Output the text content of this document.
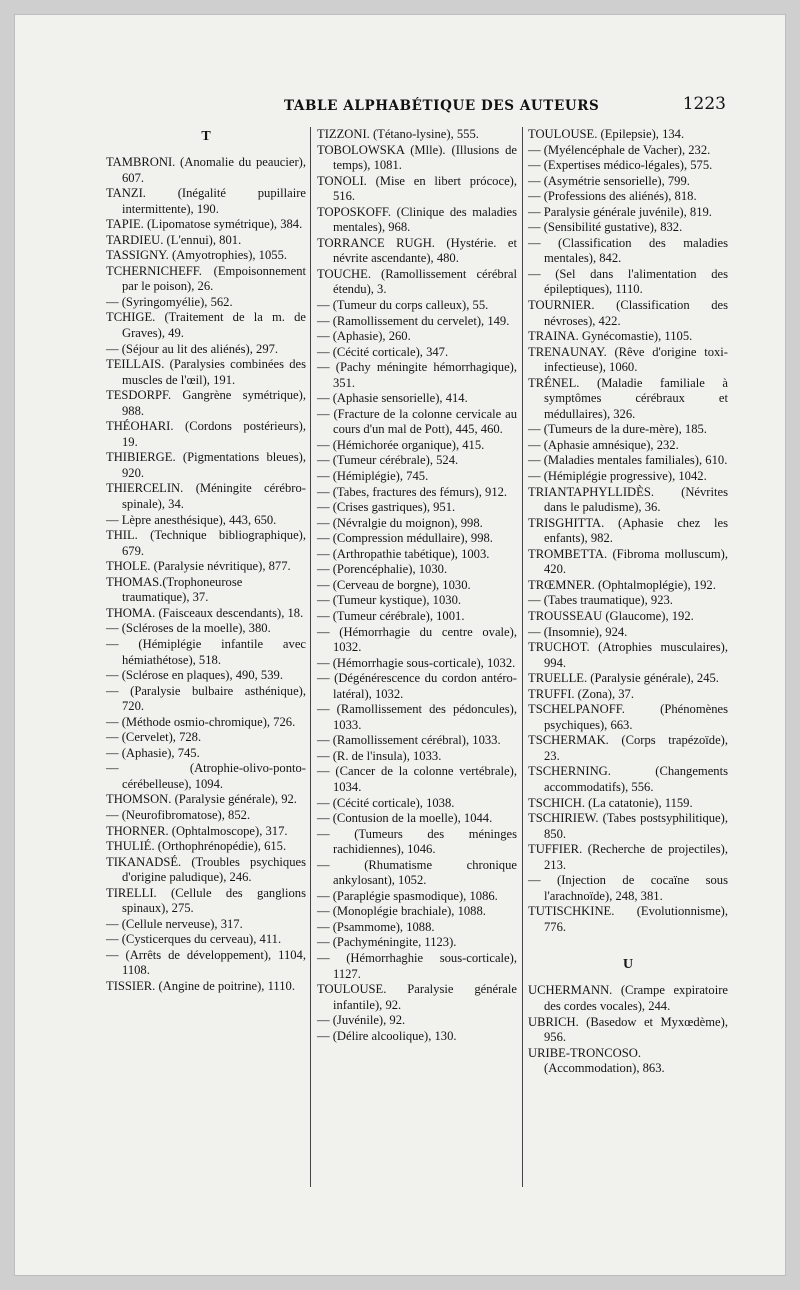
TABLE ALPHABÉTIQUE DES AUTEURS	1223
T
TAMBRONI. (Anomalie du peaucier), 607.
TANZI. (Inégalité pupillaire intermittente), 190.
TAPIE. (Lipomatose symétrique), 384.
TARDIEU. (L'ennui), 801.
TASSIGNY. (Amyotrophies), 1055.
TCHERNICHEFF. (Empoisonnement par le poison), 26.
— (Syringomyélie), 562.
TCHIGE. (Traitement de la m. de Graves), 49.
— (Séjour au lit des aliénés), 297.
TEILLAIS. (Paralysies combinées des muscles de l'œil), 191.
TESDORPF. Gangrène symétrique), 988.
THÉOHARI. (Cordons postérieurs), 19.
THIBIERGE. (Pigmentations bleues), 920.
THIERCELIN. (Méningite cérébro-spinale), 34.
— Lèpre anesthésique), 443, 650.
THIL. (Technique bibliographique), 679.
THOLE. (Paralysie névritique), 877.
THOMAS.(Trophoneurose traumatique), 37.
THOMA. (Faisceaux descendants), 18.
— (Scléroses de la moelle), 380.
— (Hémiplégie infantile avec hémiathétose), 518.
— (Sclérose en plaques), 490, 539.
— (Paralysie bulbaire asthénique), 720.
— (Méthode osmio-chromique), 726.
— (Cervelet), 728.
— (Aphasie), 745.
— (Atrophie-olivo-ponto-cérébelleuse), 1094.
THOMSON. (Paralysie générale), 92.
— (Neurofibromatose), 852.
THORNER. (Ophtalmoscope), 317.
THULIÉ. (Orthophrénopédie), 615.
TIKANADSÉ. (Troubles psychiques d'origine paludique), 246.
TIRELLI. (Cellule des ganglions spinaux), 275.
— (Cellule nerveuse), 317.
— (Cysticerques du cerveau), 411.
— (Arrêts de développement), 1104, 1108.
TISSIER. (Angine de poitrine), 1110.
TIZZONI. (Tétano-lysine), 555.
TOBOLOWSKA (Mlle). (Illusions de temps), 1081.
TONOLI. (Mise en libert prócoce), 516.
TOPOSKOFF. (Clinique des maladies mentales), 968.
TORRANCE RUGH. (Hystérie. et névrite ascendante), 480.
TOUCHE. (Ramollissement cérébral étendu), 3.
— (Tumeur du corps calleux), 55.
— (Ramollissement du cervelet), 149.
— (Aphasie), 260.
— (Cécité corticale), 347.
— (Pachy méningite hémorrhagique), 351.
— (Aphasie sensorielle), 414.
— (Fracture de la colonne cervicale au cours d'un mal de Pott), 445, 460.
— (Hémichorée organique), 415.
— (Tumeur cérébrale), 524.
— (Hémiplégie), 745.
— (Tabes, fractures des fémurs), 912.
— (Crises gastriques), 951.
— (Névralgie du moignon), 998.
— (Compression médullaire), 998.
— (Arthropathie tabétique), 1003.
— (Porencéphalie), 1030.
— (Cerveau de borgne), 1030.
— (Tumeur kystique), 1030.
— (Tumeur cérébrale), 1001.
— (Hémorrhagie du centre ovale), 1032.
— (Hémorrhagie sous-corticale), 1032.
— (Dégénérescence du cordon antéro-latéral), 1032.
— (Ramollissement des pédoncules), 1033.
— (Ramollissement cérébral), 1033.
— (R. de l'insula), 1033.
— (Cancer de la colonne vertébrale), 1034.
— (Cécité corticale), 1038.
— (Contusion de la moelle), 1044.
— (Tumeurs des méninges rachidiennes), 1046.
— (Rhumatisme chronique ankylosant), 1052.
— (Paraplégie spasmodique), 1086.
— (Monoplégie brachiale), 1088.
— (Psammome), 1088.
— (Pachyméningite, 1123).
— (Hémorrhaghie sous-corticale), 1127.
TOULOUSE. Paralysie générale infantile), 92.
— (Juvénile), 92.
— (Délire alcoolique), 130.
TOULOUSE. (Epilepsie), 134.
— (Myélencéphale de Vacher), 232.
— (Expertises médico-légales), 575.
— (Asymétrie sensorielle), 799.
— (Professions des aliénés), 818.
— Paralysie générale juvénile), 819.
— (Sensibilité gustative), 832.
— (Classification des maladies mentales), 842.
— (Sel dans l'alimentation des épileptiques), 1110.
TOURNIER. (Classification des névroses), 422.
TRAINA. Gynécomastie), 1105.
TRENAUNAY. (Rêve d'origine toxi-infectieuse), 1060.
TRÉNEL. (Maladie familiale à symptômes cérébraux et médullaires), 326.
— (Tumeurs de la dure-mère), 185.
— (Aphasie amnésique), 232.
— (Maladies mentales familiales), 610.
— (Hémiplégie progressive), 1042.
TRIANTAPHYLLIDÈS. (Névrites dans le paludisme), 36.
TRISGHITTA. (Aphasie chez les enfants), 982.
TROMBETTA. (Fibroma molluscum), 420.
TRŒMNER. (Ophtalmoplégie), 192.
— (Tabes traumatique), 923.
TROUSSEAU (Glaucome), 192.
— (Insomnie), 924.
TRUCHOT. (Atrophies musculaires), 994.
TRUELLE. (Paralysie générale), 245.
TRUFFI. (Zona), 37.
TSCHELPANOFF. (Phénomènes psychiques), 663.
TSCHERMAK. (Corps trapézoïde), 23.
TSCHERNING. (Changements accommodatifs), 556.
TSCHICH. (La catatonie), 1159.
TSCHIRIEW. (Tabes postsyphilitique), 850.
TUFFIER. (Recherche de projectiles), 213.
— (Injection de cocaïne sous l'arachnoïde), 248, 381.
TUTISCHKINE. (Evolutionnisme), 776.
U
UCHERMANN. (Crampe expiratoire des cordes vocales), 244.
UBRICH. (Basedow et Myxœdème), 956.
URIBE-TRONCOSO. (Accommodation), 863.
